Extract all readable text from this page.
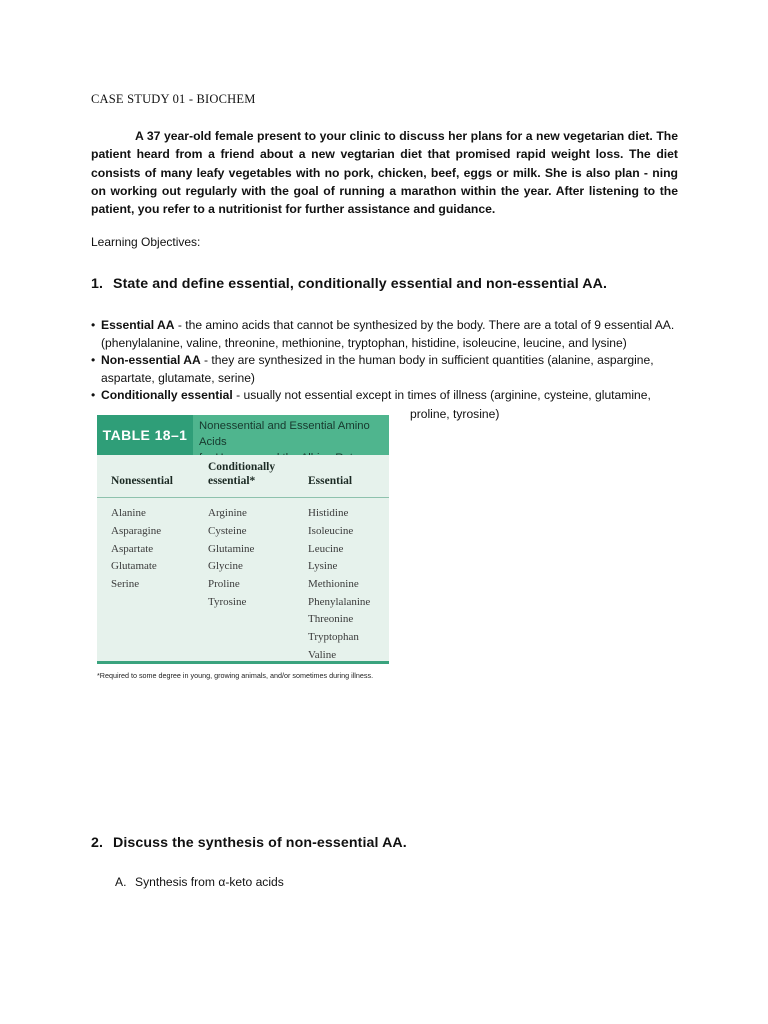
CASE STUDY 01 - BIOCHEM
A 37 year-old female present to your clinic to discuss her plans for a new vegetarian diet. The patient heard from a friend about a new vegtarian diet that promised rapid weight loss. The diet consists of many leafy vegetables with no pork, chicken, beef, eggs or milk. She is also plan - ning on working out regularly with the goal of running a marathon within the year. After listening to the patient, you refer to a nutritionist for further assistance and guidance.
Learning Objectives:
1. State and define essential, conditionally essential and non-essential AA.
• Essential AA - the amino acids that cannot be synthesized by the body. There are a total of 9 essential AA. (phenylalanine, valine, threonine, methionine, tryptophan, histidine, isoleucine, leucine, and lysine)
• Non-essential AA - they are synthesized in the human body in sufficient quantities (alanine, aspargine, aspartate, glutamate, serine)
• Conditionally essential - usually not essential except in times of illness (arginine, cysteine, glutamine,
proline, tyrosine)
TABLE 18–1
Nonessential and Essential Amino Acids
Nonessential
Conditionally
essential*	Essential
Alanine
Asparagine
Aspartate
Glutamate
Serine
Arginine
Cysteine
Glutamine
Glycine
Proline
Tyrosine
Histidine
Isoleucine
Leucine
Lysine
Methionine
Phenylalanine
Threonine
Tryptophan
Valine
*Required to some degree in young, growing animals, and/or sometimes during illness.
2. Discuss the synthesis of non-essential AA.
A. Synthesis from α-keto acids
